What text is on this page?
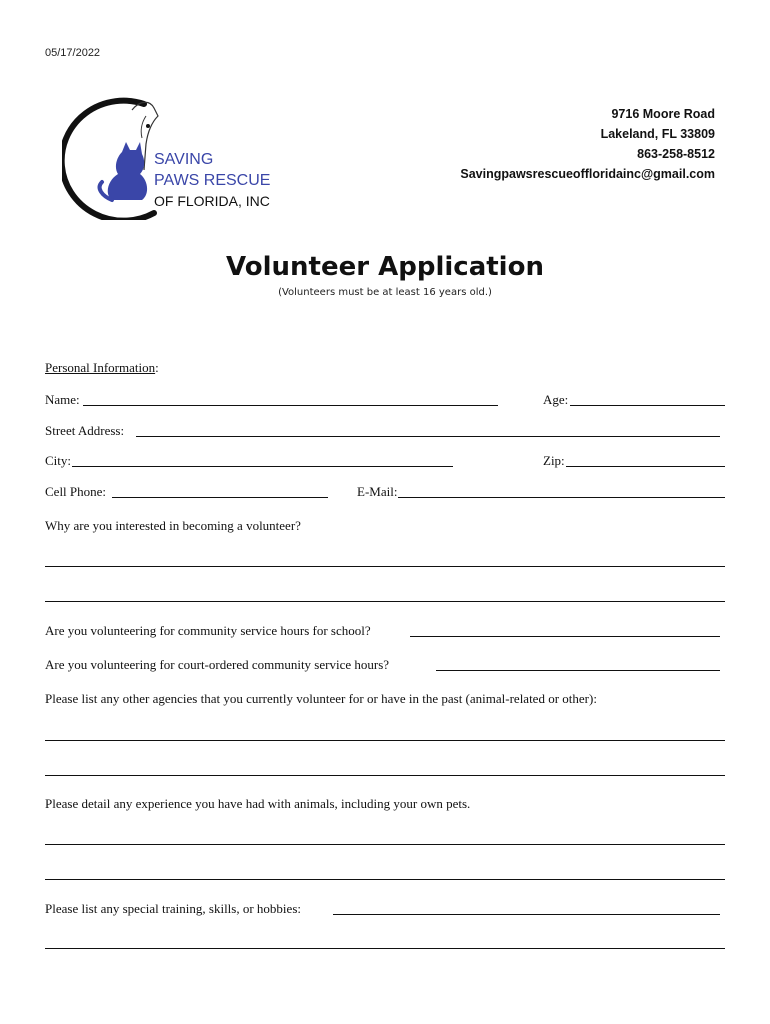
05/17/2022
SAVING
PAWS RESCUE
OF FLORIDA, INC
9716 Moore Road
Lakeland, FL 33809
863-258-8512
Savingpawsrescueoffloridainc@gmail.com
Volunteer Application
(Volunteers must be at least 16 years old.)
Personal Information:
Name:	Age:
Street Address:
City:	Zip:
Cell Phone:	E-Mail:
Why are you interested in becoming a volunteer?
Are you volunteering for community service hours for school?
Are you volunteering for court-ordered community service hours?
Please list any other agencies that you currently volunteer for or have in the past (animal-related or other):
Please detail any experience you have had with animals, including your own pets.
Please list any special training, skills, or hobbies:
